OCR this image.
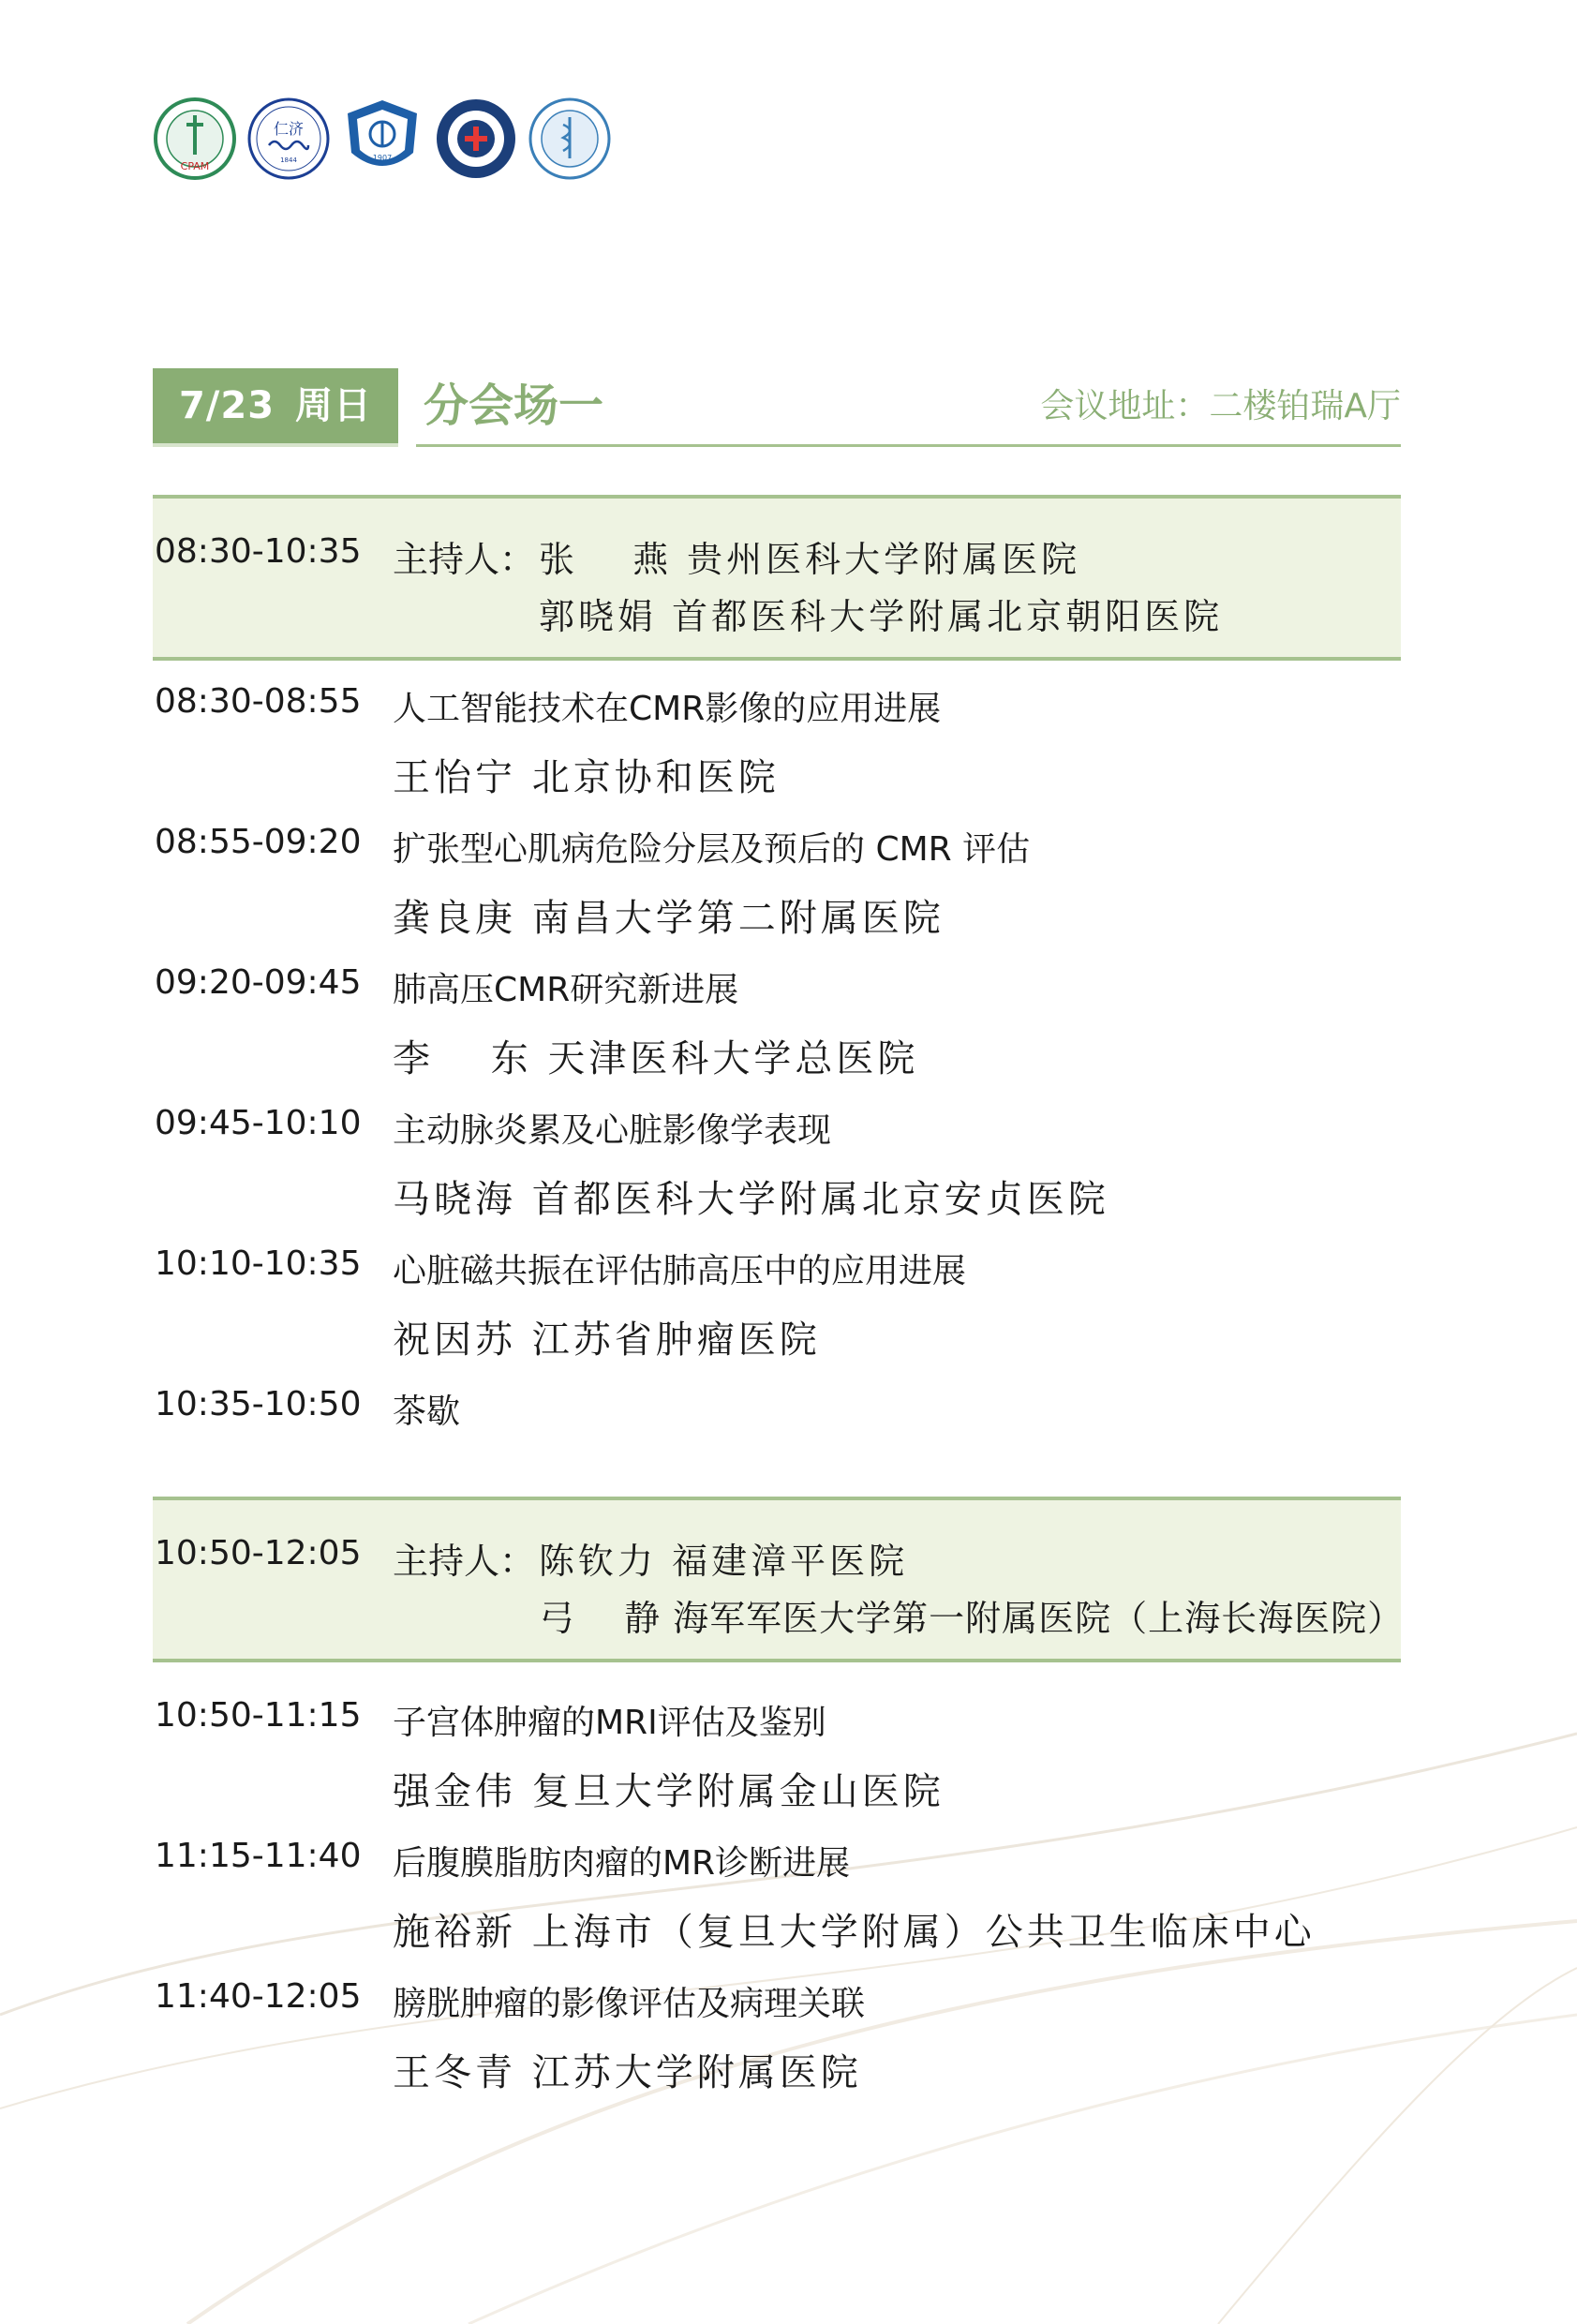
CPAM
仁济
1844	1907
7/23 周日	分会场一	会议地址：二楼铂瑞A厅
08:30-10:35 主持人： 张　 燕 贵州医科大学附属医院
郭晓娟 首都医科大学附属北京朝阳医院
08:30-08:55 人工智能技术在CMR影像的应用进展
王怡宁 北京协和医院
08:55-09:20 扩张型心肌病危险分层及预后的 CMR 评估
龚良庚 南昌大学第二附属医院
09:20-09:45 肺高压CMR研究新进展
李　 东 天津医科大学总医院
09:45-10:10 主动脉炎累及心脏影像学表现
马晓海 首都医科大学附属北京安贞医院
10:10-10:35 心脏磁共振在评估肺高压中的应用进展
祝因苏 江苏省肿瘤医院
10:35-10:50 茶歇
10:50-12:05 主持人： 陈钦力 福建漳平医院
弓　 静 海军军医大学第一附属医院（上海长海医院）
10:50-11:15 子宫体肿瘤的MRI评估及鉴别
强金伟 复旦大学附属金山医院
11:15-11:40 后腹膜脂肪肉瘤的MR诊断进展
施裕新 上海市（复旦大学附属）公共卫生临床中心
11:40-12:05 膀胱肿瘤的影像评估及病理关联
王冬青 江苏大学附属医院
